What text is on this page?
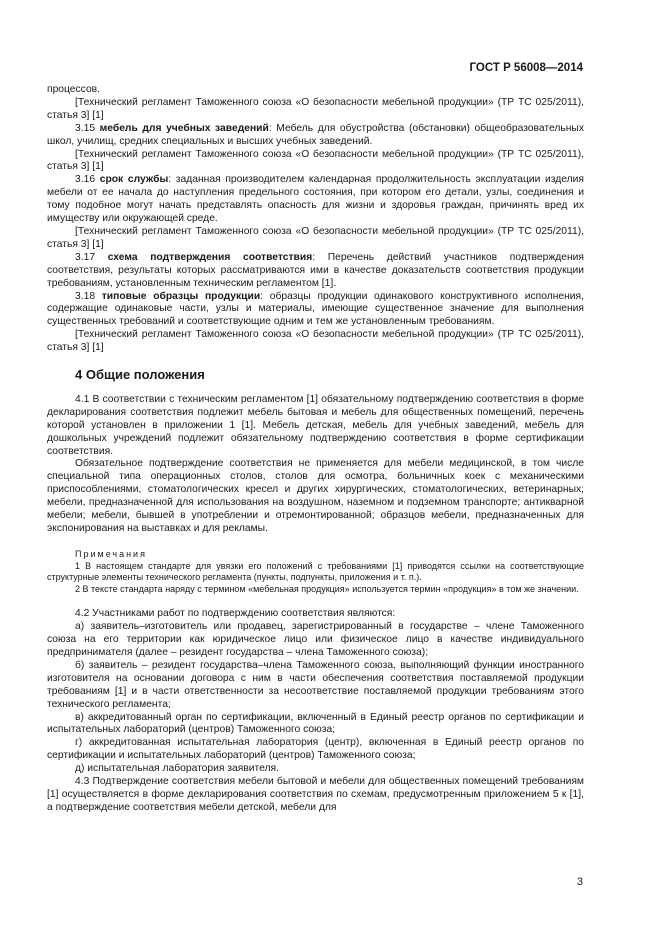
ГОСТ Р 56008—2014

процессов.

[Технический регламент Таможенного союза «О безопасности мебельной продукции» (ТР ТС 025/2011), статья 3] [1]

3.15 мебель для учебных заведений: Мебель для обустройства (обстановки) общеобразовательных школ, училищ, средних специальных и высших учебных заведений.

[Технический регламент Таможенного союза «О безопасности мебельной продукции» (ТР ТС 025/2011), статья 3] [1]

3.16 срок службы: заданная производителем календарная продолжительность эксплуатации изделия мебели от ее начала до наступления предельного состояния, при котором его детали, узлы, соединения и тому подобное могут начать представлять опасность для жизни и здоровья граждан, причинять вред их имуществу или окружающей среде.

[Технический регламент Таможенного союза «О безопасности мебельной продукции» (ТР ТС 025/2011), статья 3] [1]

3.17 схема подтверждения соответствия: Перечень действий участников подтверждения соответствия, результаты которых рассматриваются ими в качестве доказательств соответствия продукции требованиям, установленным техническим регламентом [1].

3.18 типовые образцы продукции: образцы продукции одинакового конструктивного исполнения, содержащие одинаковые части, узлы и материалы, имеющие существенное значение для выполнения существенных требований и соответствующие одним и тем же установленным требованиям.

[Технический регламент Таможенного союза «О безопасности мебельной продукции» (ТР ТС 025/2011), статья 3] [1]

4 Общие положения

4.1 В соответствии с техническим регламентом [1] обязательному подтверждению соответствия в форме декларирования соответствия подлежит мебель бытовая и мебель для общественных помещений, перечень которой установлен в приложении 1 [1]. Мебель детская, мебель для учебных заведений, мебель для дошкольных учреждений подлежит обязательному подтверждению соответствия в форме сертификации соответствия.

Обязательное подтверждение соответствия не применяется для мебели медицинской, в том числе специальной типа операционных столов, столов для осмотра, больничных коек с механическими приспособлениями, стоматологических кресел и других хирургических, стоматологических, ветеринарных; мебели, предназначенной для использования на воздушном, наземном и подземном транспорте; антикварной мебели; мебели, бывшей в употреблении и отремонтированной; образцов мебели, предназначенных для экспонирования на выставках и для рекламы.

Примечания

1 В настоящем стандарте для увязки его положений с требованиями [1] приводятся ссылки на соответствующие структурные элементы технического регламента (пункты, подпункты, приложения и т. п.).

2 В тексте стандарта наряду с термином «мебельная продукция» используется термин «продукция» в том же значении.

4.2 Участниками работ по подтверждению соответствия являются:

а) заявитель–изготовитель или продавец, зарегистрированный в государстве – члене Таможенного союза на его территории как юридическое лицо или физическое лицо в качестве индивидуального предпринимателя (далее – резидент государства – члена Таможенного союза);

б) заявитель – резидент государства–члена Таможенного союза, выполняющий функции иностранного изготовителя на основании договора с ним в части обеспечения соответствия поставляемой продукции требованиям [1] и в части ответственности за несоответствие поставляемой продукции требованиям этого технического регламента;

в) аккредитованный орган по сертификации, включенный в Единый реестр органов по сертификации и испытательных лабораторий (центров) Таможенного союза;

г) аккредитованная испытательная лаборатория (центр), включенная в Единый реестр органов по сертификации и испытательных лабораторий (центров) Таможенного союза;

д) испытательная лаборатория заявителя.

4.3 Подтверждение соответствия мебели бытовой и мебели для общественных помещений требованиям [1] осуществляется в форме декларирования соответствия по схемам, предусмотренным приложением 5 к [1], а подтверждение соответствия мебели детской, мебели для

3
